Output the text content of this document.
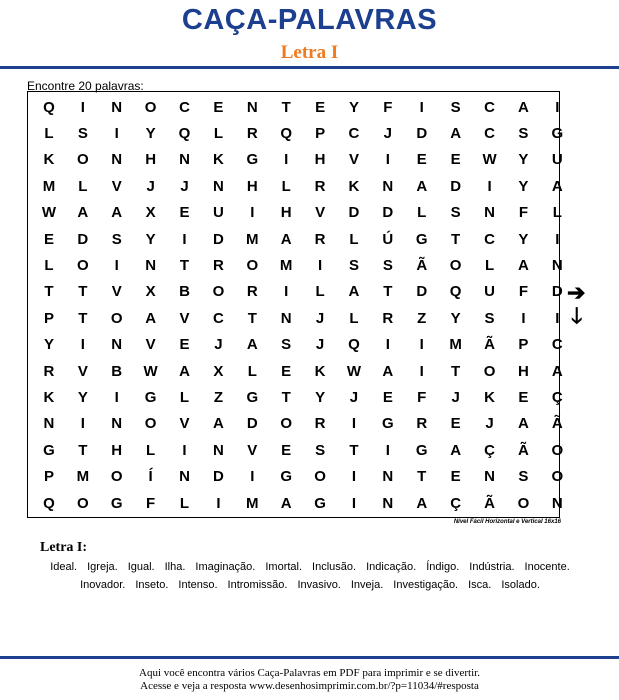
CAÇA-PALAVRAS
Letra I
Encontre 20 palavras:
Q	I	N	O	C	E	N	T	E	Y	F	I	S	C	A	I
L	S	I	Y	Q	L	R	Q	P	C	J	D	A	C	S	G
K	O	N	H	N	K	G	I	H	V	I	E	E	W	Y	U
M	L	V	J	J	N	H	L	R	K	N	A	D	I	Y	A
W	A	A	X	E	U	I	H	V	D	D	L	S	N	F	L
E	D	S	Y	I	D	M	A	R	L	Ú	G	T	C	Y	I
L	O	I	N	T	R	O	M	I	S	S	Ã	O	L	A	N
T	T	V	X	B	O	R	I	L	A	T	D	Q	U	F	D
P	T	O	A	V	C	T	N	J	L	R	Z	Y	S	I	I
Y	I	N	V	E	J	A	S	J	Q	I	I	M	Ã	P	C
R	V	B	W	A	X	L	E	K	W	A	I	T	O	H	A
K	Y	I	G	L	Z	G	T	Y	J	E	F	J	K	E	Ç
N	I	N	O	V	A	D	O	R	I	G	R	E	J	A	Ã
G	T	H	L	I	N	V	E	S	T	I	G	A	Ç	Ã	O
P	M	O	Í	N	D	I	G	O	I	N	T	E	N	S	O
Q	O	G	F	L	I	M	A	G	I	N	A	Ç	Ã	O	N
➔
🡓
Nível Fácil Horizontal e Vertical 16x16
Letra I:
Ideal. Igreja. Igual. Ilha. Imaginação. Imortal. Inclusão. Indicação. Índigo. Indústria. Inocente.Inovador. Inseto. Intenso. Intromissão. Invasivo. Inveja. Investigação. Isca. Isolado.
Aqui você encontra vários Caça-Palavras em PDF para imprimir e se divertir.
Acesse e veja a resposta www.desenhosimprimir.com.br/?p=11034/#resposta
